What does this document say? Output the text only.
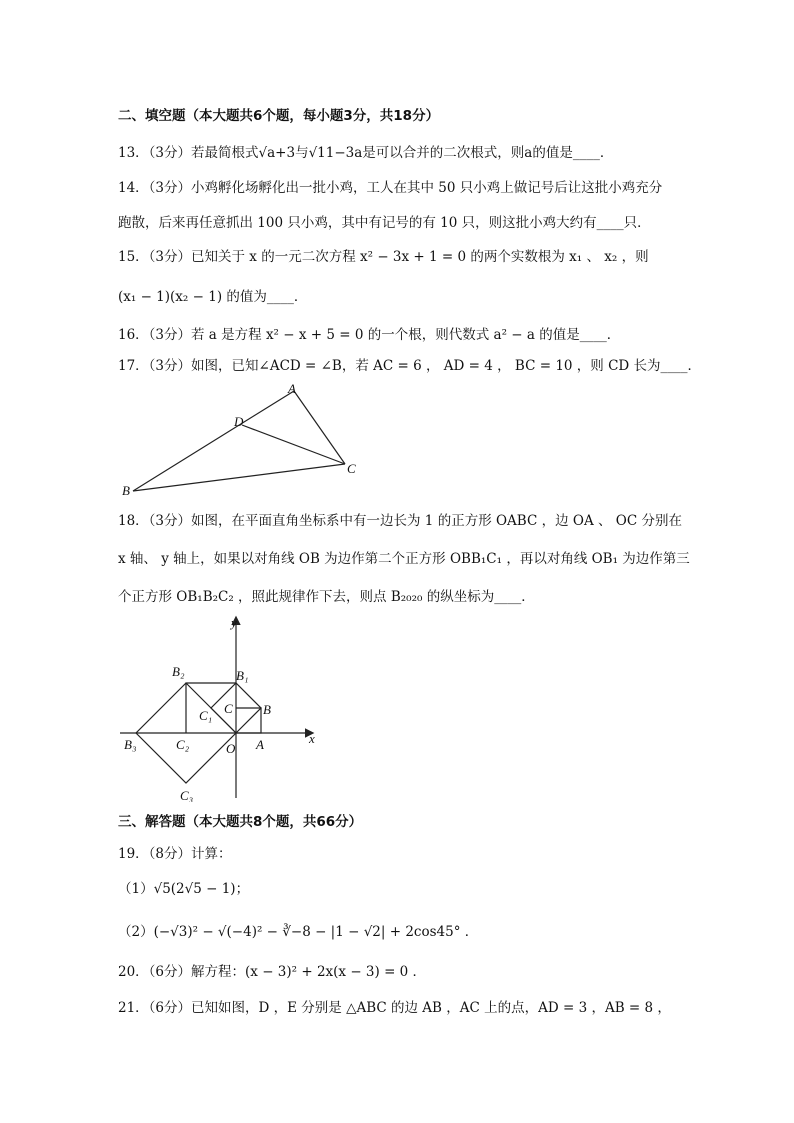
二、填空题（本大题共6个题，每小题3分，共18分）
13．（3分）若最简根式√a+3与√11−3a是可以合并的二次根式，则a的值是____．
14．（3分）小鸡孵化场孵化出一批小鸡，工人在其中 50 只小鸡上做记号后让这批小鸡充分
跑散，后来再任意抓出 100 只小鸡，其中有记号的有 10 只，则这批小鸡大约有____只．
15．（3分）已知关于 x 的一元二次方程 x² − 3x + 1 = 0 的两个实数根为 x₁ 、 x₂ ，则
(x₁ − 1)(x₂ − 1) 的值为____．
16．（3分）若 a 是方程 x² − x + 5 = 0 的一个根，则代数式 a² − a 的值是____．
17．（3分）如图，已知∠ACD = ∠B，若 AC = 6 ， AD = 4 ， BC = 10 ，则 CD 长为____．
A
D
C
B
18．（3分）如图，在平面直角坐标系中有一边长为 1 的正方形 OABC ，边 OA 、 OC 分别在
x 轴、 y 轴上，如果以对角线 OB 为边作第二个正方形 OBB₁C₁ ，再以对角线 OB₁ 为边作第三
个正方形 OB₁B₂C₂ ，照此规律作下去，则点 B₂₀₂₀ 的纵坐标为____．
y
x
B₂	B₁
C B
C₁
B₃	C₂	O A
C₃
三、解答题（本大题共8个题，共66分）
19．（8分）计算：
（1）√5(2√5 − 1)；
（2）(−√3)² − √(−4)² − ∛−8 − |1 − √2| + 2cos45° ．
20．（6分）解方程：(x − 3)² + 2x(x − 3) = 0 ．
21．（6分）已知如图，D ，E 分别是 △ABC 的边 AB ，AC 上的点，AD = 3 ，AB = 8 ，
